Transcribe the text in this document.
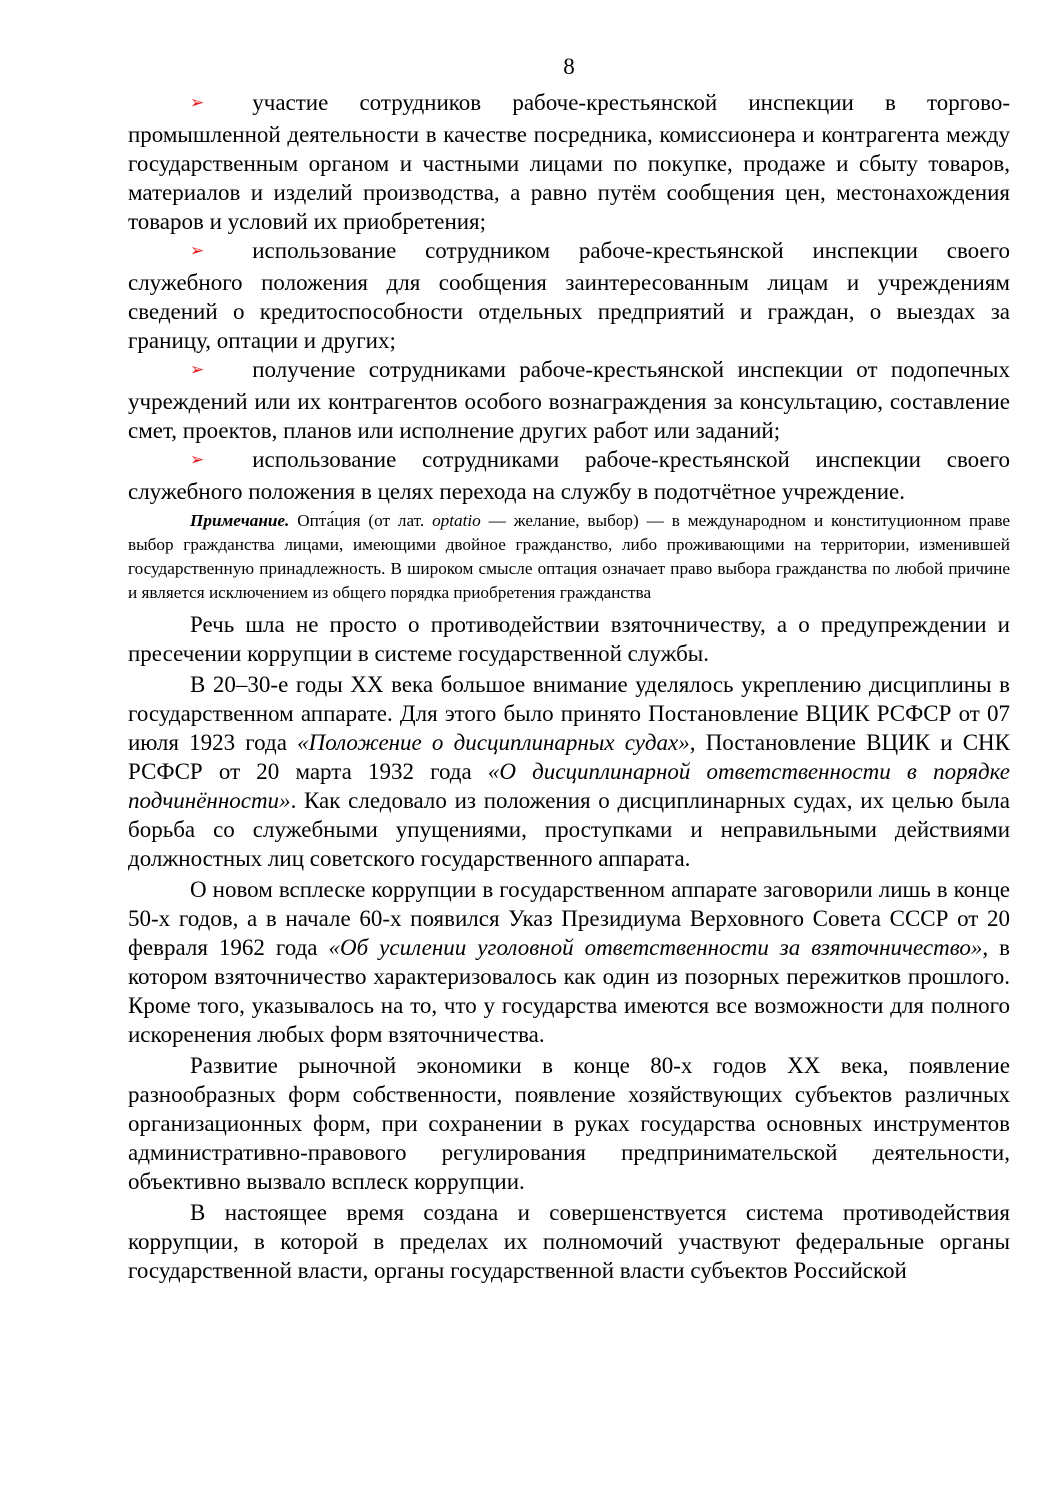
8

➢ участие сотрудников рабоче-крестьянской инспекции в торгово-промышленной деятельности в качестве посредника, комиссионера и контрагента между государственным органом и частными лицами по покупке, продаже и сбыту товаров, материалов и изделий производства, а равно путём сообщения цен, местонахождения товаров и условий их приобретения;

➢ использование сотрудником рабоче-крестьянской инспекции своего служебного положения для сообщения заинтересованным лицам и учреждениям сведений о кредитоспособности отдельных предприятий и граждан, о выездах за границу, оптации и других;

➢ получение сотрудниками рабоче-крестьянской инспекции от подопечных учреждений или их контрагентов особого вознаграждения за консультацию, составление смет, проектов, планов или исполнение других работ или заданий;

➢ использование сотрудниками рабоче-крестьянской инспекции своего служебного положения в целях перехода на службу в подотчётное учреждение.

Примечание. Опта́ция (от лат. optatio — желание, выбор) — в международном и конституционном праве выбор гражданства лицами, имеющими двойное гражданство, либо проживающими на территории, изменившей государственную принадлежность. В широком смысле оптация означает право выбора гражданства по любой причине и является исключением из общего порядка приобретения гражданства

Речь шла не просто о противодействии взяточничеству, а о предупреждении и пресечении коррупции в системе государственной службы.

В 20–30-е годы XX века большое внимание уделялось укреплению дисциплины в государственном аппарате. Для этого было принято Постановление ВЦИК РСФСР от 07 июля 1923 года «Положение о дисциплинарных судах», Постановление ВЦИК и СНК РСФСР от 20 марта 1932 года «О дисциплинарной ответственности в порядке подчинённости». Как следовало из положения о дисциплинарных судах, их целью была борьба со служебными упущениями, проступками и неправильными действиями должностных лиц советского государственного аппарата.

О новом всплеске коррупции в государственном аппарате заговорили лишь в конце 50-х годов, а в начале 60-х появился Указ Президиума Верховного Совета СССР от 20 февраля 1962 года «Об усилении уголовной ответственности за взяточничество», в котором взяточничество характеризовалось как один из позорных пережитков прошлого. Кроме того, указывалось на то, что у государства имеются все возможности для полного искоренения любых форм взяточничества.

Развитие рыночной экономики в конце 80-х годов XX века, появление разнообразных форм собственности, появление хозяйствующих субъектов различных организационных форм, при сохранении в руках государства основных инструментов административно-правового регулирования предпринимательской деятельности, объективно вызвало всплеск коррупции.

В настоящее время создана и совершенствуется система противодействия коррупции, в которой в пределах их полномочий участвуют федеральные органы государственной власти, органы государственной власти субъектов Российской
